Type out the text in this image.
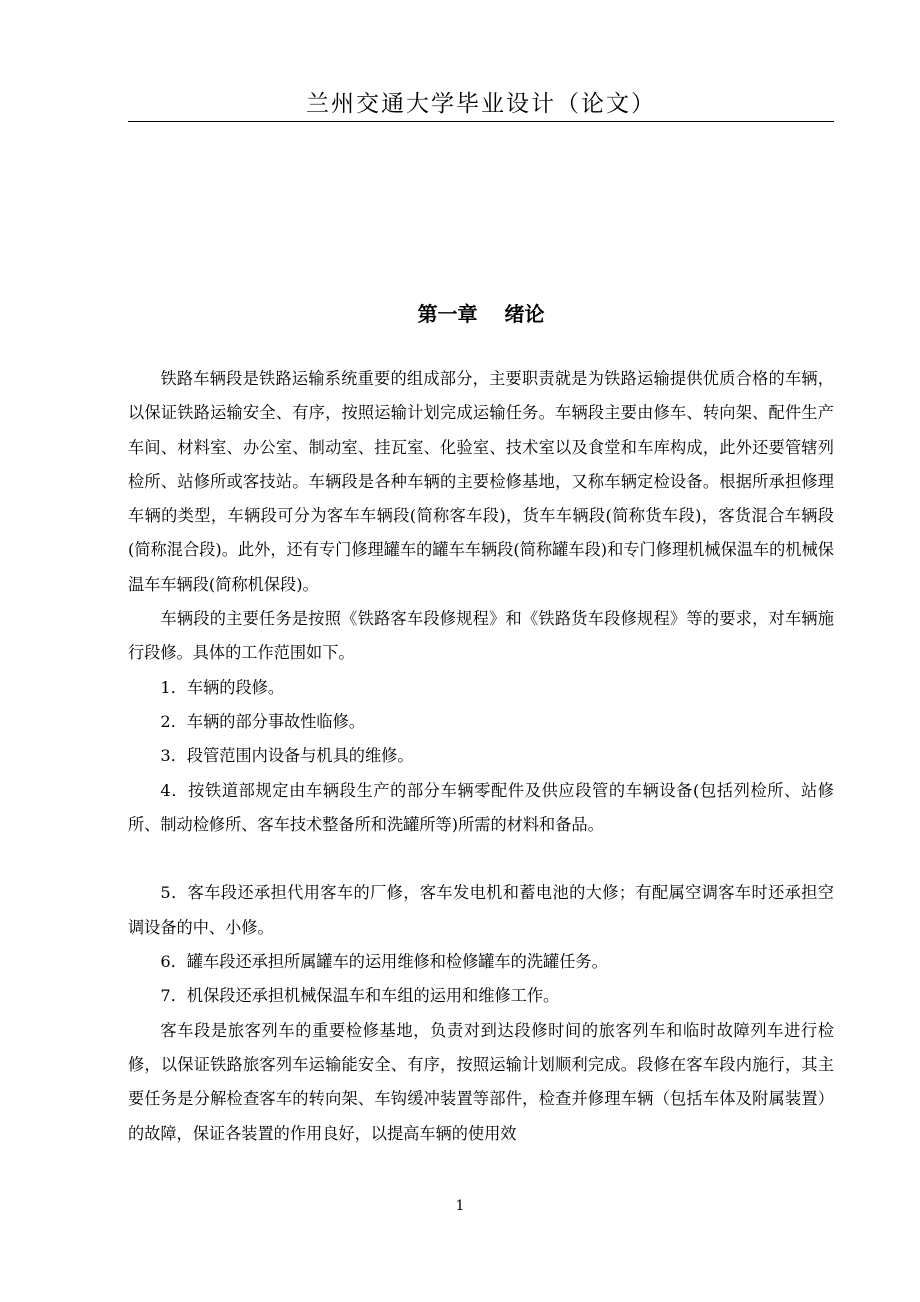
兰州交通大学毕业设计（论文）
第一章　 绪论

铁路车辆段是铁路运输系统重要的组成部分，主要职责就是为铁路运输提供优质合格的车辆，以保证铁路运输安全、有序，按照运输计划完成运输任务。车辆段主要由修车、转向架、配件生产车间、材料室、办公室、制动室、挂瓦室、化验室、技术室以及食堂和车库构成，此外还要管辖列检所、站修所或客技站。车辆段是各种车辆的主要检修基地，又称车辆定检设备。根据所承担修理车辆的类型，车辆段可分为客车车辆段(简称客车段)，货车车辆段(简称货车段)，客货混合车辆段(简称混合段)。此外，还有专门修理罐车的罐车车辆段(简称罐车段)和专门修理机械保温车的机械保温车车辆段(简称机保段)。

车辆段的主要任务是按照《铁路客车段修规程》和《铁路货车段修规程》等的要求，对车辆施行段修。具体的工作范围如下。

1．车辆的段修。

2．车辆的部分事故性临修。

3．段管范围内设备与机具的维修。

4．按铁道部规定由车辆段生产的部分车辆零配件及供应段管的车辆设备(包括列检所、站修所、制动检修所、客车技术整备所和洗罐所等)所需的材料和备品。

5．客车段还承担代用客车的厂修，客车发电机和蓄电池的大修；有配属空调客车时还承担空调设备的中、小修。

6．罐车段还承担所属罐车的运用维修和检修罐车的洗罐任务。

7．机保段还承担机械保温车和车组的运用和维修工作。

客车段是旅客列车的重要检修基地，负责对到达段修时间的旅客列车和临时故障列车进行检修，以保证铁路旅客列车运输能安全、有序，按照运输计划顺利完成。段修在客车段内施行，其主要任务是分解检查客车的转向架、车钩缓冲装置等部件，检查并修理车辆（包括车体及附属装置）的故障，保证各装置的作用良好，以提高车辆的使用效

1
